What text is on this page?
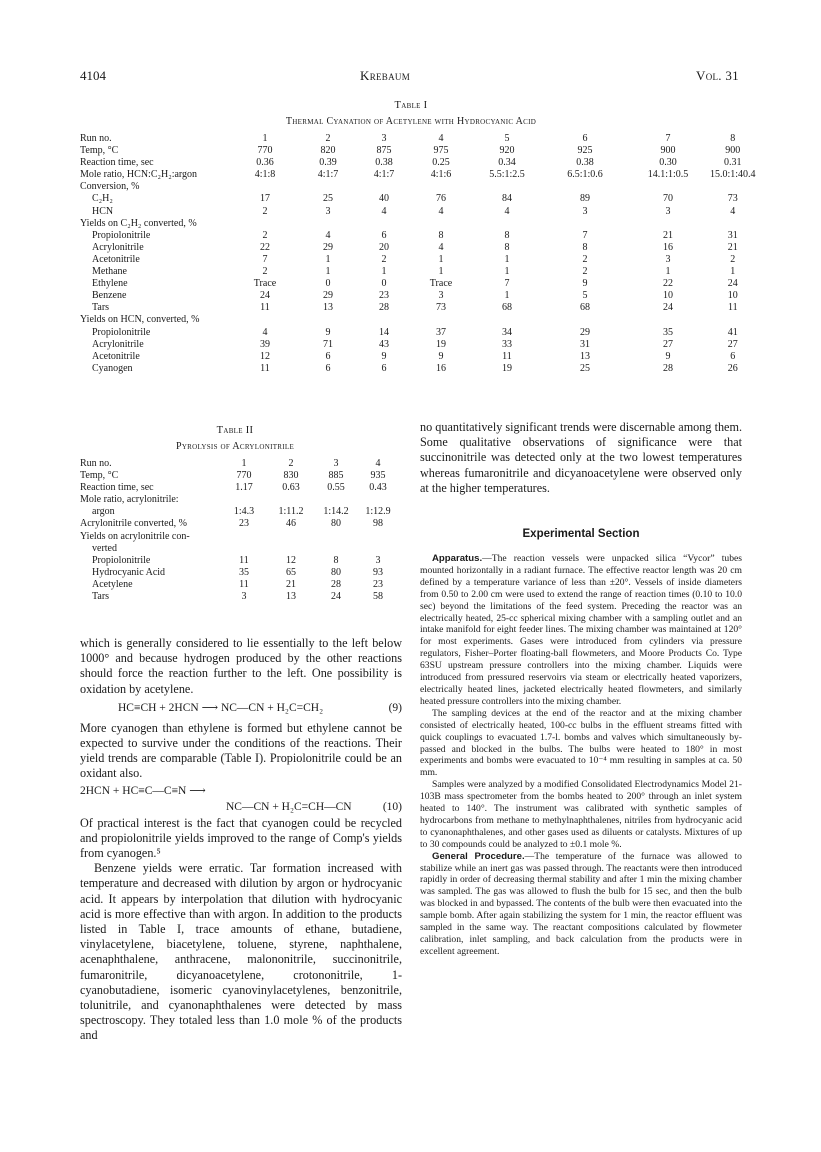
4104	Krebaum	Vol. 31
Table I
Thermal Cyanation of Acetylene with Hydrocyanic Acid
Run no.	1	2	3	4	5	6	7	8
Temp, °C	770	820	875	975	920	925	900	900
Reaction time, sec	0.36	0.39	0.38	0.25	0.34	0.38	0.30	0.31
Mole ratio, HCN:C₂H₂:argon	4:1:8	4:1:7	4:1:7	4:1:6	5.5:1:2.5	6.5:1:0.6	14.1:1:0.5	15.0:1:40.4
Conversion, %								
C₂H₂	17	25	40	76	84	89	70	73
HCN	2	3	4	4	4	3	3	4
Yields on C₂H₂ converted, %								
Propiolonitrile	2	4	6	8	8	7	21	31
Acrylonitrile	22	29	20	4	8	8	16	21
Acetonitrile	7	1	2	1	1	2	3	2
Methane	2	1	1	1	1	2	1	1
Ethylene	Trace	0	0	Trace	7	9	22	24
Benzene	24	29	23	3	1	5	10	10
Tars	11	13	28	73	68	68	24	11
Yields on HCN, converted, %								
Propiolonitrile	4	9	14	37	34	29	35	41
Acrylonitrile	39	71	43	19	33	31	27	27
Acetonitrile	12	6	9	9	11	13	9	6
Cyanogen	11	6	6	16	19	25	28	26
Table II
Pyrolysis of Acrylonitrile
Run no.	1	2	3	4
Temp, °C	770	830	885	935
Reaction time, sec	1.17	0.63	0.55	0.43
Mole ratio, acrylonitrile:				
argon	1:4.3	1:11.2	1:14.2	1:12.9
Acrylonitrile converted, %	23	46	80	98
Yields on acrylonitrile con-				
verted				
Propiolonitrile	11	12	8	3
Hydrocyanic Acid	35	65	80	93
Acetylene	11	21	28	23
Tars	3	13	24	58

which is generally considered to lie essentially to the left below 1000° and because hydrogen produced by the other reactions should force the reaction further to the left. One possibility is oxidation by acetylene.

HC≡CH + 2HCN ⟶ NC—CN + H₂C=CH₂	(9)

More cyanogen than ethylene is formed but ethylene cannot be expected to survive under the conditions of the reactions. Their yield trends are comparable (Table I). Propiolonitrile could be an oxidant also.

2HCN + HC≡C—C≡N ⟶
NC—CN + H₂C=CH—CN	(10)

Of practical interest is the fact that cyanogen could be recycled and propiolonitrile yields improved to the range of Comp's yields from cyanogen.⁵

Benzene yields were erratic. Tar formation increased with temperature and decreased with dilution by argon or hydrocyanic acid. It appears by interpolation that dilution with hydrocyanic acid is more effective than with argon. In addition to the products listed in Table I, trace amounts of ethane, butadiene, vinylacetylene, biacetylene, toluene, styrene, naphthalene, acenaphthalene, anthracene, malononitrile, succinonitrile, fumaronitrile, dicyanoacetylene, crotononitrile, 1-cyanobutadiene, isomeric cyanovinylacetylenes, benzonitrile, tolunitrile, and cyanonaphthalenes were detected by mass spectroscopy. They totaled less than 1.0 mole % of the products and

no quantitatively significant trends were discernable among them. Some qualitative observations of significance were that succinonitrile was detected only at the two lowest temperatures whereas fumaronitrile and dicyanoacetylene were observed only at the higher temperatures.

Experimental Section

Apparatus.—The reaction vessels were unpacked silica “Vycor” tubes mounted horizontally in a radiant furnace. The effective reactor length was 20 cm defined by a temperature variance of less than ±20°. Vessels of inside diameters from 0.50 to 2.00 cm were used to extend the range of reaction times (0.10 to 10.0 sec) beyond the limitations of the feed system. Preceding the reactor was an electrically heated, 25-cc spherical mixing chamber with a sampling outlet and an intake manifold for eight feeder lines. The mixing chamber was maintained at 120° for most experiments. Gases were introduced from cylinders via pressure regulators, Fisher–Porter floating-ball flowmeters, and Moore Products Co. Type 63SU upstream pressure controllers into the mixing chamber. Liquids were introduced from pressured reservoirs via steam or electrically heated vaporizers, electrically heated lines, jacketed electrically heated flowmeters, and similarly heated pressure controllers into the mixing chamber.

The sampling devices at the end of the reactor and at the mixing chamber consisted of electrically heated, 100-cc bulbs in the effluent streams fitted with quick couplings to evacuated 1.7-l. bombs and valves which simultaneously by-passed and blocked in the bulbs. The bulbs were heated to 180° in most experiments and bombs were evacuated to 10⁻⁴ mm resulting in samples at ca. 50 mm.

Samples were analyzed by a modified Consolidated Electrodynamics Model 21-103B mass spectrometer from the bombs heated to 200° through an inlet system heated to 140°. The instrument was calibrated with synthetic samples of hydrocarbons from methane to methylnaphthalenes, nitriles from hydrocyanic acid to cyanonaphthalenes, and other gases used as diluents or catalysts. Mixtures of up to 30 compounds could be analyzed to ±0.1 mole %.

General Procedure.—The temperature of the furnace was allowed to stabilize while an inert gas was passed through. The reactants were then introduced rapidly in order of decreasing thermal stability and after 1 min the mixing chamber was sampled. The gas was allowed to flush the bulb for 15 sec, and then the bulb was blocked in and bypassed. The contents of the bulb were then evacuated into the sample bomb. After again stabilizing the system for 1 min, the reactor effluent was sampled in the same way. The reactant compositions calculated by flowmeter calibration, inlet sampling, and back calculation from the products were in excellent agreement.
